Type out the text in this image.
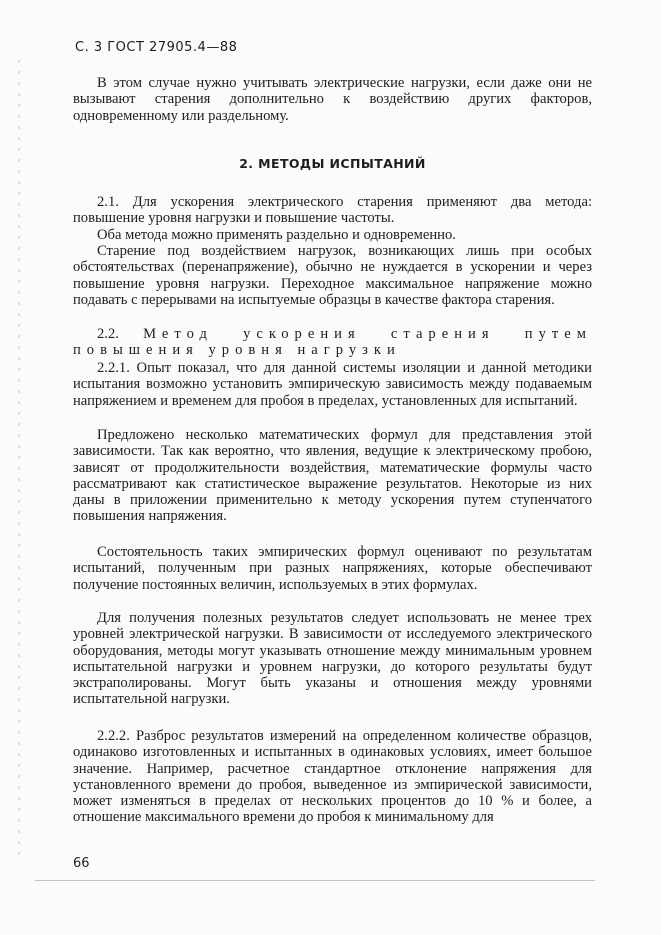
С. 3 ГОСТ 27905.4—88

В этом случае нужно учитывать электрические нагрузки, если даже они не вызывают старения дополнительно к воздействию других факторов, одновременному или раздельному.

2. МЕТОДЫ ИСПЫТАНИЙ

2.1. Для ускорения электрического старения применяют два метода: повышение уровня нагрузки и повышение частоты.

Оба метода можно применять раздельно и одновременно.

Старение под воздействием нагрузок, возникающих лишь при особых обстоятельствах (перенапряжение), обычно не нуждается в ускорении и через повышение уровня нагрузки. Переходное максимальное напряжение можно подавать с перерывами на испытуемые образцы в качестве фактора старения.

2.2. Метод ускорения старения путем повышения уровня нагрузки

2.2.1. Опыт показал, что для данной системы изоляции и данной методики испытания возможно установить эмпирическую зависимость между подаваемым напряжением и временем для пробоя в пределах, установленных для испытаний.

Предложено несколько математических формул для представления этой зависимости. Так как вероятно, что явления, ведущие к электрическому пробою, зависят от продолжительности воздействия, математические формулы часто рассматривают как статистическое выражение результатов. Некоторые из них даны в приложении применительно к методу ускорения путем ступенчатого повышения напряжения.

Состоятельность таких эмпирических формул оценивают по результатам испытаний, полученным при разных напряжениях, которые обеспечивают получение постоянных величин, используемых в этих формулах.

Для получения полезных результатов следует использовать не менее трех уровней электрической нагрузки. В зависимости от исследуемого электрического оборудования, методы могут указывать отношение между минимальным уровнем испытательной нагрузки и уровнем нагрузки, до которого результаты будут экстраполированы. Могут быть указаны и отношения между уровнями испытательной нагрузки.

2.2.2. Разброс результатов измерений на определенном количестве образцов, одинаково изготовленных и испытанных в одинаковых условиях, имеет большое значение. Например, расчетное стандартное отклонение напряжения для установленного времени до пробоя, выведенное из эмпирической зависимости, может изменяться в пределах от нескольких процентов до 10 % и более, а отношение максимального времени до пробоя к минимальному для

66
